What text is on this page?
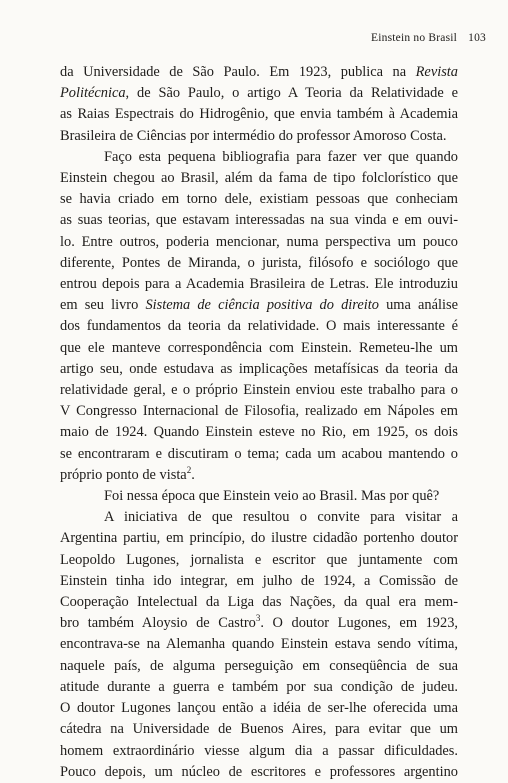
Einstein no Brasil 103

da Universidade de São Paulo. Em 1923, publica na Revista
Politécnica, de São Paulo, o artigo A Teoria da Relatividade e
as Raias Espectrais do Hidrogênio, que envia também à Academia
Brasileira de Ciências por intermédio do professor Amoroso Costa.

Faço esta pequena bibliografia para fazer ver que quando
Einstein chegou ao Brasil, além da fama de tipo folclorístico que
se havia criado em torno dele, existiam pessoas que conheciam
as suas teorias, que estavam interessadas na sua vinda e em ouvi-
lo. Entre outros, poderia mencionar, numa perspectiva um pouco
diferente, Pontes de Miranda, o jurista, filósofo e sociólogo que
entrou depois para a Academia Brasileira de Letras. Ele introduziu
em seu livro Sistema de ciência positiva do direito uma análise
dos fundamentos da teoria da relatividade. O mais interessante é
que ele manteve correspondência com Einstein. Remeteu-lhe um
artigo seu, onde estudava as implicações metafísicas da teoria da
relatividade geral, e o próprio Einstein enviou este trabalho para o
V Congresso Internacional de Filosofia, realizado em Nápoles em
maio de 1924. Quando Einstein esteve no Rio, em 1925, os dois
se encontraram e discutiram o tema; cada um acabou mantendo o
próprio ponto de vista$^2$.

Foi nessa época que Einstein veio ao Brasil. Mas por quê?

A iniciativa de que resultou o convite para visitar a
Argentina partiu, em princípio, do ilustre cidadão portenho doutor
Leopoldo Lugones, jornalista e escritor que juntamente com
Einstein tinha ido integrar, em julho de 1924, a Comissão de
Cooperação Intelectual da Liga das Nações, da qual era mem-
bro também Aloysio de Castro$^3$. O doutor Lugones, em 1923,
encontrava-se na Alemanha quando Einstein estava sendo vítima,
naquele país, de alguma perseguição em conseqüência de sua
atitude durante a guerra e também por sua condição de judeu.
O doutor Lugones lançou então a idéia de ser-lhe oferecida uma
cátedra na Universidade de Buenos Aires, para evitar que um
homem extraordinário viesse algum dia a passar dificuldades.
Pouco depois, um núcleo de escritores e professores argentino
